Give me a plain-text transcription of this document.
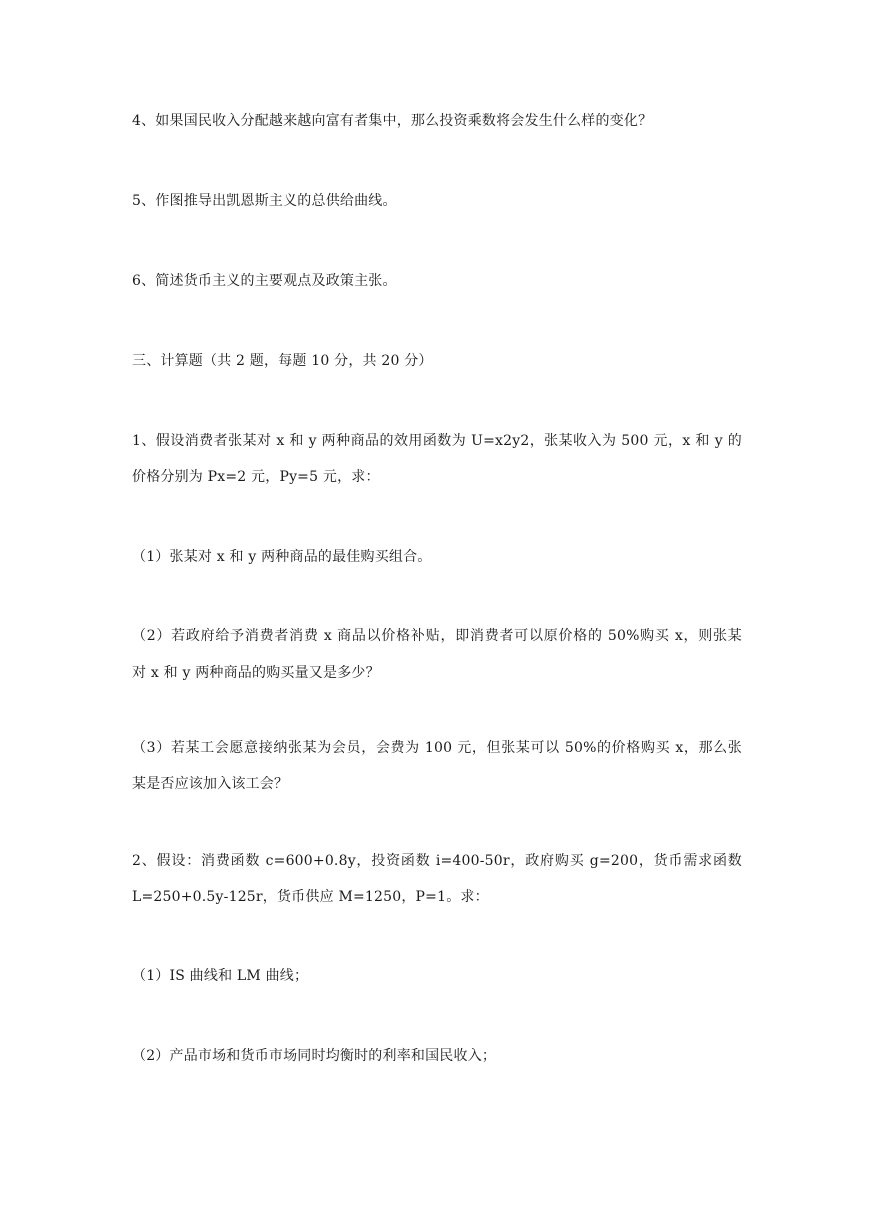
4、如果国民收入分配越来越向富有者集中，那么投资乘数将会发生什么样的变化？
5、作图推导出凯恩斯主义的总供给曲线。
6、简述货币主义的主要观点及政策主张。
三、计算题（共 2 题，每题 10 分，共 20 分）
1、假设消费者张某对 x 和 y 两种商品的效用函数为 U=x2y2，张某收入为 500 元，x 和 y 的
价格分别为 Px=2 元，Py=5 元，求：
（1）张某对 x 和 y 两种商品的最佳购买组合。
（2）若政府给予消费者消费 x 商品以价格补贴，即消费者可以原价格的 50%购买 x，则张某
对 x 和 y 两种商品的购买量又是多少？
（3）若某工会愿意接纳张某为会员，会费为 100 元，但张某可以 50%的价格购买 x，那么张
某是否应该加入该工会？
2、假设：消费函数 c=600+0.8y，投资函数 i=400-50r，政府购买 g=200，货币需求函数
L=250+0.5y-125r，货币供应 M=1250，P=1。求：
（1）IS 曲线和 LM 曲线；
（2）产品市场和货币市场同时均衡时的利率和国民收入；
